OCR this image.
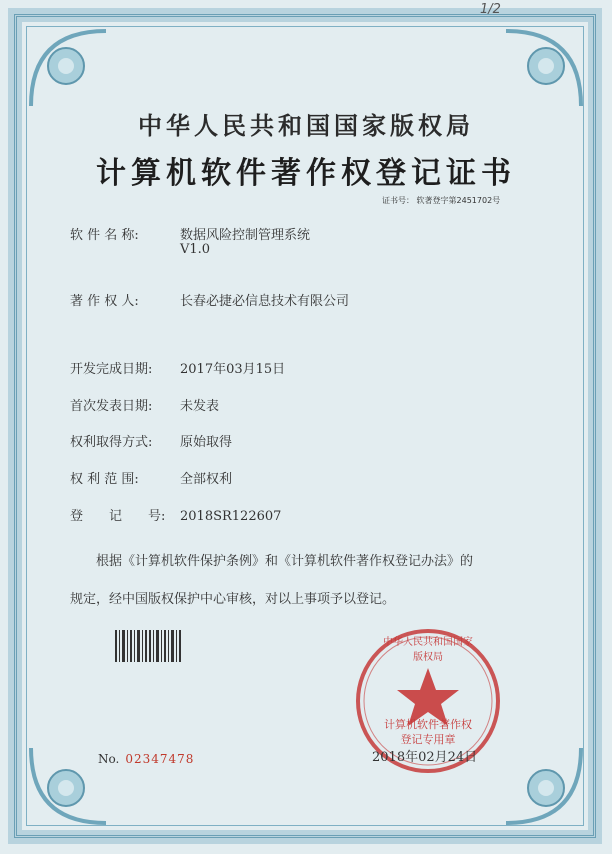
1/2
中华人民共和国国家版权局
计算机软件著作权登记证书
证书号： 软著登字第2451702号
软 件 名 称:	数据风险控制管理系统
V1.0
著 作 权 人:	长春必捷必信息技术有限公司
开发完成日期: 2017年03月15日
首次发表日期: 未发表
权利取得方式: 原始取得
权 利 范 围:	全部权利
登　　记　　号: 2018SR122607
根据《计算机软件保护条例》和《计算机软件著作权登记办法》的
规定，经中国版权保护中心审核，对以上事项予以登记。
中华人民共和国国家版权局
计算机软件著作权
登记专用章
No. 02347478	2018年02月24日
